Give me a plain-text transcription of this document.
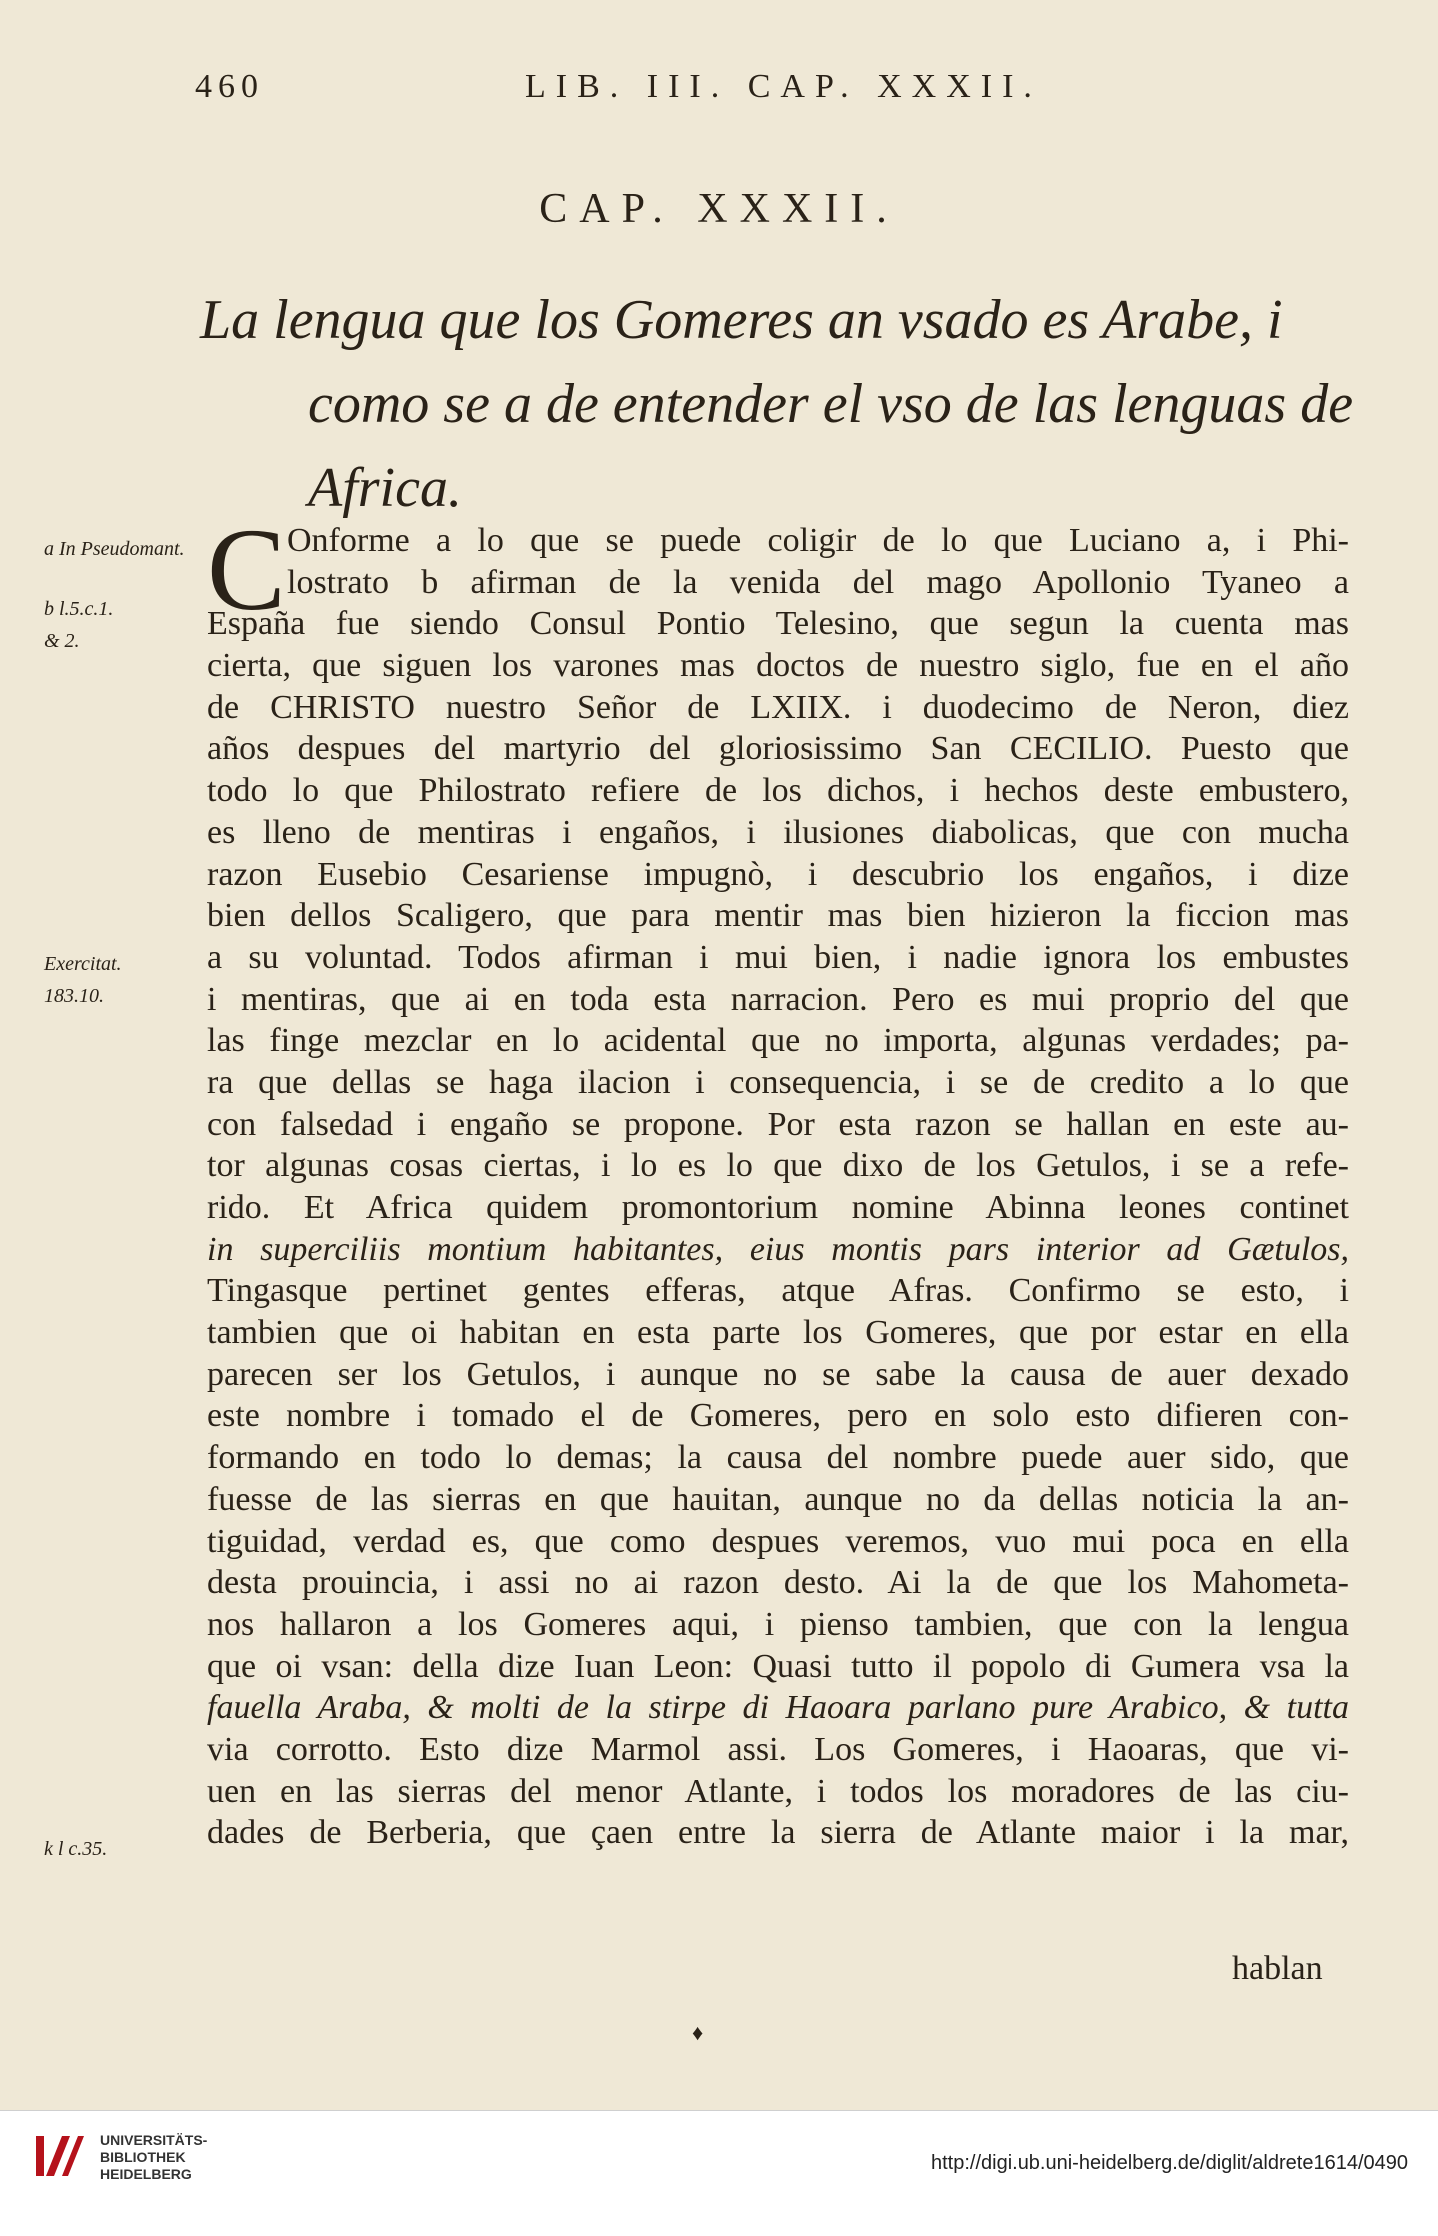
460	LIB. III. CAP. XXXII.
CAP. XXXII.
La lengua que los Gomeres an vsado es Arabe, i
como se a de entender el vso de las lenguas de
Africa.
a In Pseudomant.
b l.5.c.1.
& 2.
Exercitat.
183.10.
k l c.35.
C Onforme a lo que se puede coligir de lo que Luciano a, i Phi-
lostrato b afirman de la venida del mago Apollonio Tyaneo a
España fue siendo Consul Pontio Telesino, que segun la cuenta mas
cierta, que siguen los varones mas doctos de nuestro siglo, fue en el año
de CHRISTO nuestro Señor de LXIIX. i duodecimo de Neron, diez
años despues del martyrio del gloriosissimo San CECILIO. Puesto que
todo lo que Philostrato refiere de los dichos, i hechos deste embustero,
es lleno de mentiras i engaños, i ilusiones diabolicas, que con mucha
razon Eusebio Cesariense impugnò, i descubrio los engaños, i dize
bien dellos Scaligero, que para mentir mas bien hizieron la ficcion mas
a su voluntad. Todos afirman i mui bien, i nadie ignora los embustes
i mentiras, que ai en toda esta narracion. Pero es mui proprio del que
las finge mezclar en lo acidental que no importa, algunas verdades; pa-
ra que dellas se haga ilacion i consequencia, i se de credito a lo que
con falsedad i engaño se propone. Por esta razon se hallan en este au-
tor algunas cosas ciertas, i lo es lo que dixo de los Getulos, i se a refe-
rido. Et Africa quidem promontorium nomine Abinna leones continet
in superciliis montium habitantes, eius montis pars interior ad Gætulos,
Tingasque pertinet gentes efferas, atque Afras. Confirmo se esto, i
tambien que oi habitan en esta parte los Gomeres, que por estar en ella
parecen ser los Getulos, i aunque no se sabe la causa de auer dexado
este nombre i tomado el de Gomeres, pero en solo esto difieren con-
formando en todo lo demas; la causa del nombre puede auer sido, que
fuesse de las sierras en que hauitan, aunque no da dellas noticia la an-
tiguidad, verdad es, que como despues veremos, vuo mui poca en ella
desta prouincia, i assi no ai razon desto. Ai la de que los Mahometa-
nos hallaron a los Gomeres aqui, i pienso tambien, que con la lengua
que oi vsan: della dize Iuan Leon: Quasi tutto il popolo di Gumera vsa la
fauella Araba, & molti de la stirpe di Haoara parlano pure Arabico, & tutta
via corrotto. Esto dize Marmol assi. Los Gomeres, i Haoaras, que vi-
uen en las sierras del menor Atlante, i todos los moradores de las ciu-
dades de Berberia, que çaen entre la sierra de Atlante maior i la mar,
hablan
♦
UNIVERSITÄTS-
BIBLIOTHEK
HEIDELBERG	http://digi.ub.uni-heidelberg.de/diglit/aldrete1614/0490
